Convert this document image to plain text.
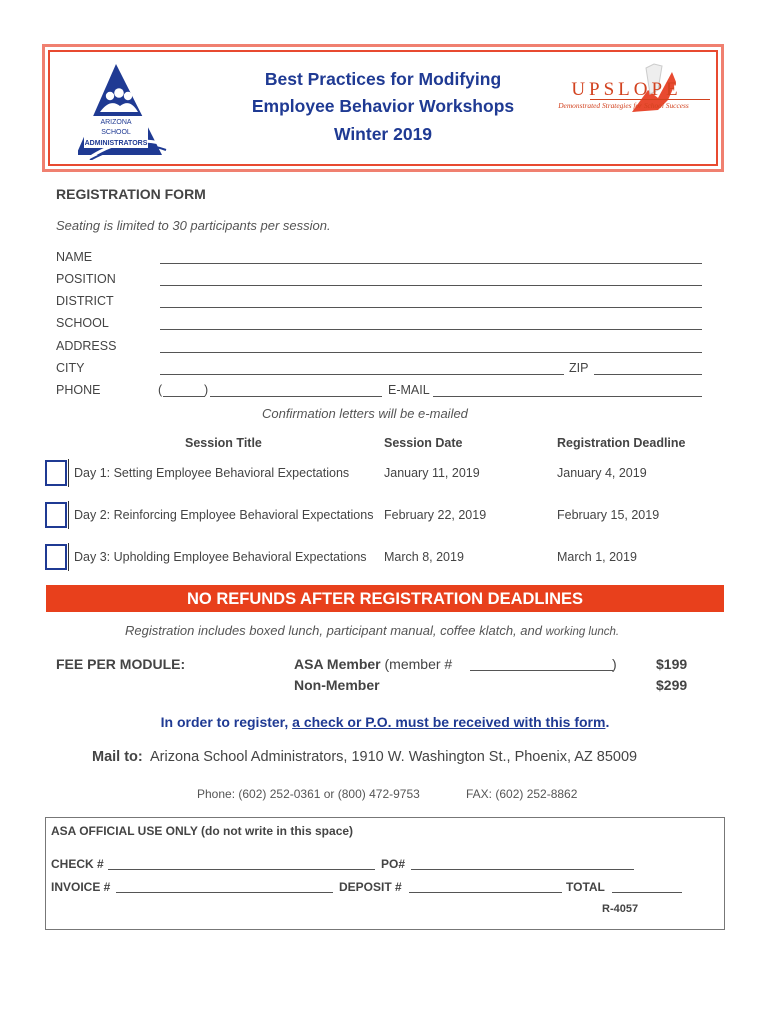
ARIZONA
SCHOOL
ADMINISTRATORS
Best Practices for Modifying
Employee Behavior Workshops
Winter 2019
UPSLOPE
Demonstrated Strategies for School Success
REGISTRATION FORM
Seating is limited to 30 participants per session.
NAME
POSITION
DISTRICT
SCHOOL
ADDRESS
CITY	ZIP
PHONE	(	)	E-MAIL
Confirmation letters will be e-mailed
Session Title	Session Date	Registration Deadline
Day 1: Setting Employee Behavioral Expectations	January 11, 2019	January 4, 2019
Day 2: Reinforcing Employee Behavioral Expectations February 22, 2019	February 15, 2019
Day 3: Upholding Employee Behavioral Expectations March 8, 2019	March 1, 2019
NO REFUNDS AFTER REGISTRATION DEADLINES
Registration includes boxed lunch, participant manual, coffee klatch, and working lunch.
FEE PER MODULE:	ASA Member (member #	)	$199
Non-Member	$299
In order to register, a check or P.O. must be received with this form.
Mail to: Arizona School Administrators, 1910 W. Washington St., Phoenix, AZ 85009
Phone: (602) 252-0361 or (800) 472-9753	FAX: (602) 252-8862
ASA OFFICIAL USE ONLY (do not write in this space)
CHECK #	PO#
INVOICE #	DEPOSIT #	TOTAL
R-4057
